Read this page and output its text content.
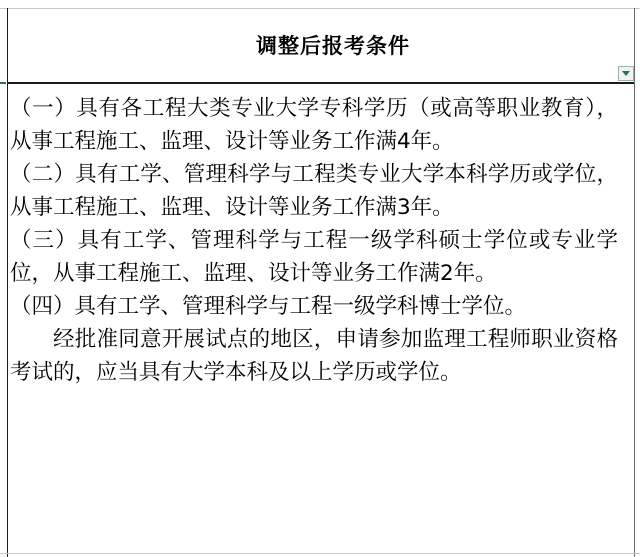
调整后报考条件

（一）具有各工程大类专业大学专科学历（或高等职业教育），从事工程施工、监理、设计等业务工作满4年。

（二）具有工学、管理科学与工程类专业大学本科学历或学位，从事工程施工、监理、设计等业务工作满3年。

（三）具有工学、管理科学与工程一级学科硕士学位或专业学位，从事工程施工、监理、设计等业务工作满2年。

（四）具有工学、管理科学与工程一级学科博士学位。

经批准同意开展试点的地区，申请参加监理工程师职业资格考试的，应当具有大学本科及以上学历或学位。
